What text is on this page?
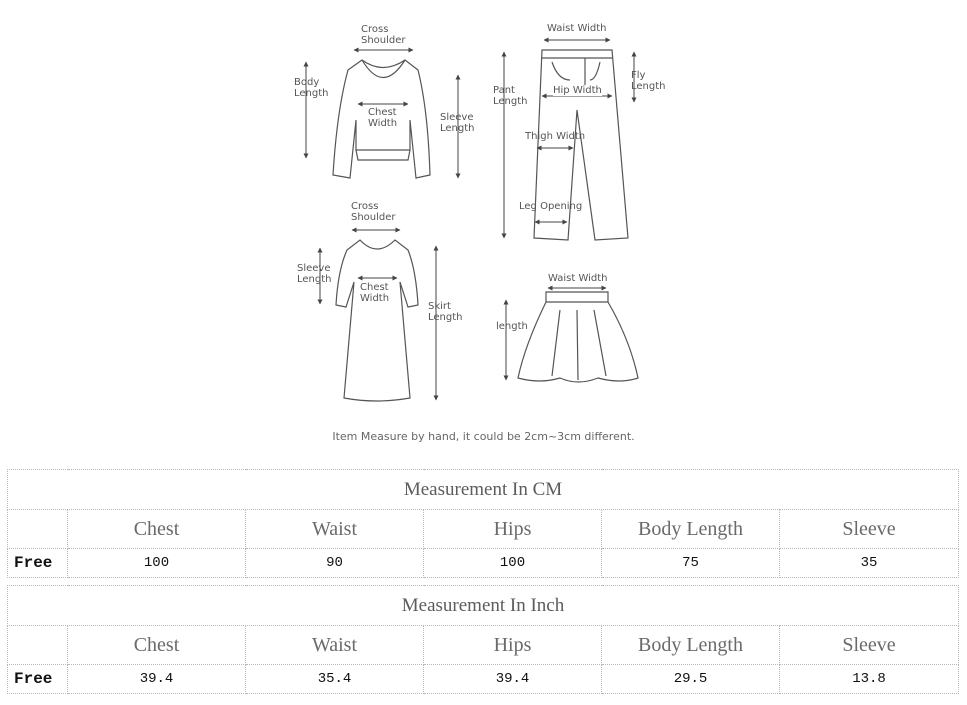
Cross
Shoulder
Body
Length
Chest
Width
Sleeve
Length
Waist Width
Fly
Length
Pant
Length
Hip Width
Thigh Width
Leg Opening
Cross
Shoulder
Sleeve
Length
Chest
Width
Skirt
Length
Waist Width
length
Item Measure by hand, it could be 2cm~3cm different.
Measurement In CM					
	Chest	Waist	Hips	Body Length	Sleeve
Free	100	90	100	75	35
Measurement In Inch					
	Chest	Waist	Hips	Body Length	Sleeve
Free	39.4	35.4	39.4	29.5	13.8
